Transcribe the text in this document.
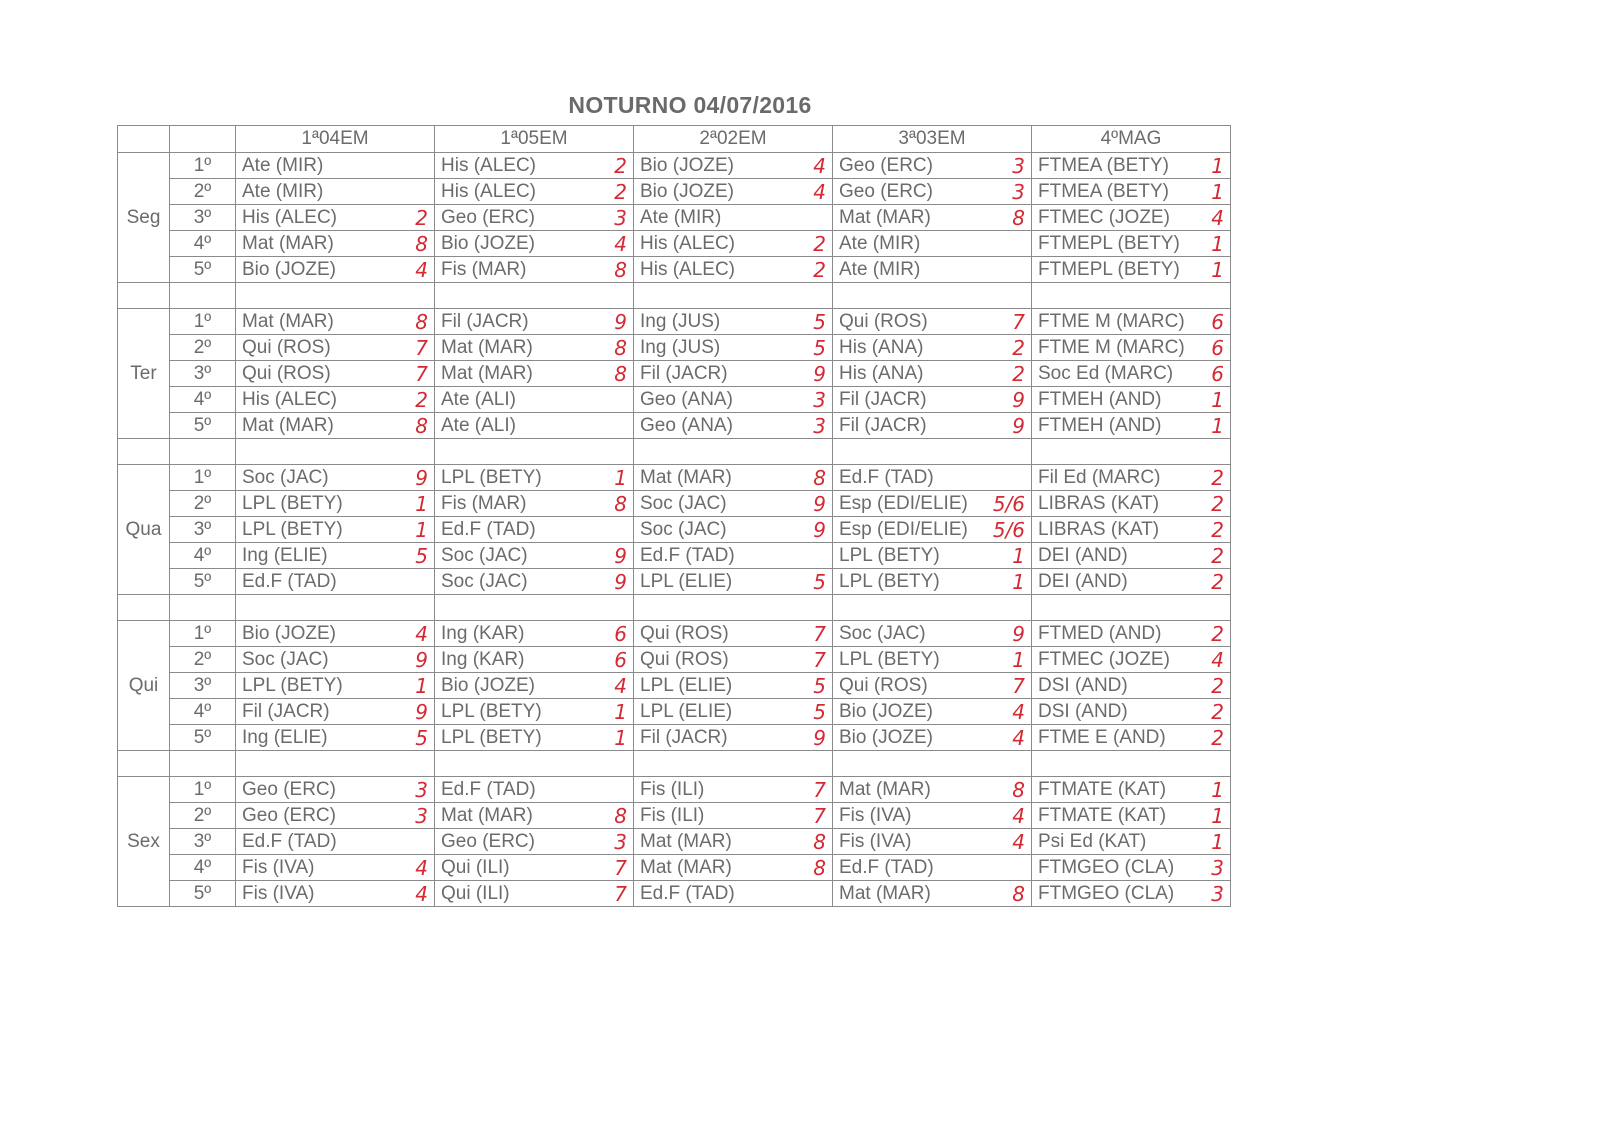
NOTURNO 04/07/2016
		1ª04EM	1ª05EM	2ª02EM	3ª03EM	4ºMAG
Seg	1º	Ate (MIR)	His (ALEC) 2	Bio (JOZE) 4	Geo (ERC) 3	FTMEA (BETY) 1

	2º	Ate (MIR)	His (ALEC) 2	Bio (JOZE) 4	Geo (ERC) 3	FTMEA (BETY) 1

	3º	His (ALEC) 2	Geo (ERC) 3	Ate (MIR)	Mat (MAR) 8	FTMEC (JOZE) 4

	4º	Mat (MAR) 8	Bio (JOZE) 4	His (ALEC) 2	Ate (MIR)	FTMEPL (BETY) 1

	5º	Bio (JOZE) 4	Fis (MAR) 8	His (ALEC) 2	Ate (MIR)	FTMEPL (BETY) 1

Ter	1º	Mat (MAR) 8	Fil (JACR) 9	Ing (JUS) 5	Qui (ROS) 7	FTME M (MARC) 6

	2º	Qui (ROS) 7	Mat (MAR) 8	Ing (JUS) 5	His (ANA) 2	FTME M (MARC) 6

	3º	Qui (ROS) 7	Mat (MAR) 8	Fil (JACR) 9	His (ANA) 2	Soc Ed (MARC) 6

	4º	His (ALEC) 2	Ate (ALI)	Geo (ANA) 3	Fil (JACR) 9	FTMEH (AND) 1

	5º	Mat (MAR) 8	Ate (ALI)	Geo (ANA) 3	Fil (JACR) 9	FTMEH (AND) 1

Qua	1º	Soc (JAC) 9	LPL (BETY) 1	Mat (MAR) 8	Ed.F (TAD)	Fil Ed (MARC) 2

	2º	LPL (BETY) 1	Fis (MAR) 8	Soc (JAC) 9	Esp (EDI/ELIE) 5/6	LIBRAS (KAT) 2

	3º	LPL (BETY) 1	Ed.F (TAD)	Soc (JAC) 9	Esp (EDI/ELIE) 5/6	LIBRAS (KAT) 2

	4º	Ing (ELIE) 5	Soc (JAC) 9	Ed.F (TAD)	LPL (BETY) 1	DEI (AND) 2

	5º	Ed.F (TAD)	Soc (JAC) 9	LPL (ELIE) 5	LPL (BETY) 1	DEI (AND) 2

Qui	1º	Bio (JOZE) 4	Ing (KAR) 6	Qui (ROS) 7	Soc (JAC) 9	FTMED (AND) 2

	2º	Soc (JAC) 9	Ing (KAR) 6	Qui (ROS) 7	LPL (BETY) 1	FTMEC (JOZE) 4

	3º	LPL (BETY) 1	Bio (JOZE) 4	LPL (ELIE) 5	Qui (ROS) 7	DSI (AND) 2

	4º	Fil (JACR) 9	LPL (BETY) 1	LPL (ELIE) 5	Bio (JOZE) 4	DSI (AND) 2

	5º	Ing (ELIE) 5	LPL (BETY) 1	Fil (JACR) 9	Bio (JOZE) 4	FTME E (AND) 2

Sex	1º	Geo (ERC) 3	Ed.F (TAD)	Fis (ILI) 7	Mat (MAR) 8	FTMATE (KAT) 1

	2º	Geo (ERC) 3	Mat (MAR) 8	Fis (ILI) 7	Fis (IVA) 4	FTMATE (KAT) 1

	3º	Ed.F (TAD)	Geo (ERC) 3	Mat (MAR) 8	Fis (IVA) 4	Psi Ed (KAT) 1

	4º	Fis (IVA) 4	Qui (ILI) 7	Mat (MAR) 8	Ed.F (TAD)	FTMGEO (CLA) 3

	5º	Fis (IVA) 4	Qui (ILI) 7	Ed.F (TAD)	Mat (MAR) 8	FTMGEO (CLA) 3
